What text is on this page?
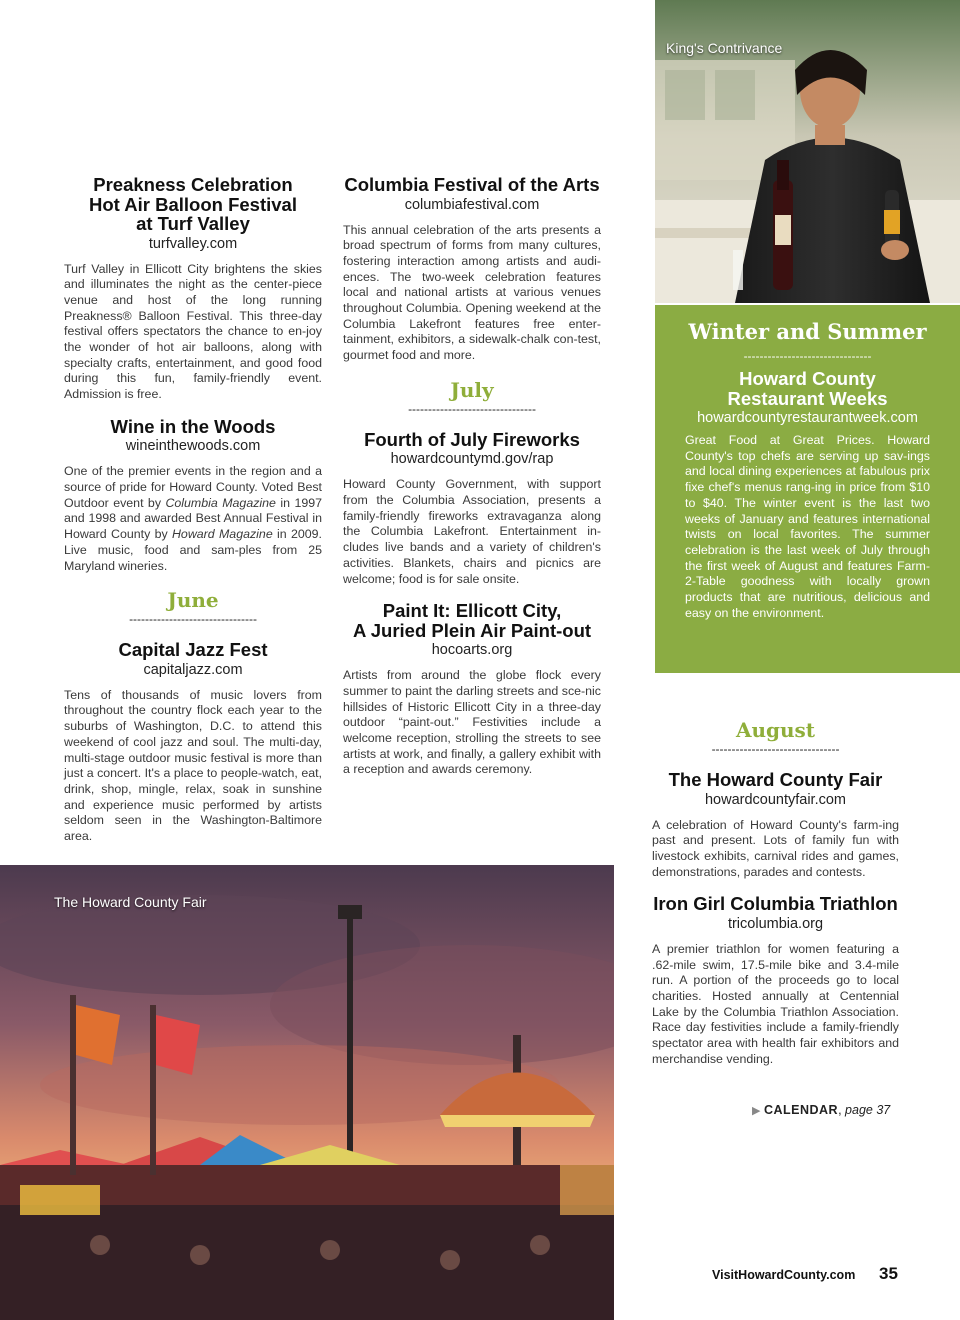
King's Contrivance

Preakness Celebration

Hot Air Balloon Festival

at Turf Valley

turfvalley.com

Turf Valley in Ellicott City brightens the skies and illuminates the night as the center-piece venue and host of the long running Preakness® Balloon Festival. This three-day festival offers spectators the chance to en-joy the wonder of hot air balloons, along with specialty crafts, entertainment, and good food during this fun, family-friendly event. Admission is free.

Wine in the Woods

wineinthewoods.com

One of the premier events in the region and a source of pride for Howard County. Voted Best Outdoor event by Columbia Magazine in 1997 and 1998 and awarded Best Annual Festival in Howard County by Howard Magazine in 2009. Live music, food and sam-ples from 25 Maryland wineries.

June

--------------------------------

Capital Jazz Fest

capitaljazz.com

Tens of thousands of music lovers from throughout the country flock each year to the suburbs of Washington, D.C. to attend this weekend of cool jazz and soul. The multi-day, multi-stage outdoor music festival is more than just a concert. It's a place to people-watch, eat, drink, shop, mingle, relax, soak in sunshine and experience music performed by artists seldom seen in the Washington-Baltimore area.

Columbia Festival of the Arts

columbiafestival.com

This annual celebration of the arts presents a broad spectrum of forms from many cultures, fostering interaction among artists and audi-ences. The two-week celebration features local and national artists at various venues throughout Columbia. Opening weekend at the Columbia Lakefront features free enter-tainment, exhibitors, a sidewalk-chalk con-test, gourmet food and more.

July

--------------------------------

Fourth of July Fireworks

howardcountymd.gov/rap

Howard County Government, with support from the Columbia Association, presents a family-friendly fireworks extravaganza along the Columbia Lakefront. Entertainment in-cludes live bands and a variety of children's activities. Blankets, chairs and picnics are welcome; food is for sale onsite.

Paint It: Ellicott City,

A Juried Plein Air Paint-out

hocoarts.org

Artists from around the globe flock every summer to paint the darling streets and sce-nic hillsides of Historic Ellicott City in a three-day outdoor “paint-out.” Festivities include a welcome reception, strolling the streets to see artists at work, and finally, a gallery exhibit with a reception and awards ceremony.

Winter and Summer

--------------------------------

Howard County

Restaurant Weeks

howardcountyrestaurantweek.com

Great Food at Great Prices. Howard County's top chefs are serving up sav-ings and local dining experiences at fabulous prix fixe chef's menus rang-ing in price from $10 to $40. The winter event is the last two weeks of January and features international twists on local favorites. The summer celebration is the last week of July through the first week of August and features Farm-2-Table goodness with locally grown products that are nutritious, delicious and easy on the environment.

August

--------------------------------

The Howard County Fair

howardcountyfair.com

A celebration of Howard County's farm-ing past and present. Lots of family fun with livestock exhibits, carnival rides and games, demonstrations, parades and contests.

Iron Girl Columbia Triathlon

tricolumbia.org

A premier triathlon for women featuring a .62-mile swim, 17.5-mile bike and 3.4-mile run. A portion of the proceeds go to local charities. Hosted annually at Centennial Lake by the Columbia Triathlon Association. Race day festivities include a family-friendly spectator area with health fair exhibitors and merchandise vending.

The Howard County Fair
▶ CALENDAR, page 37
VisitHowardCounty.com 35
